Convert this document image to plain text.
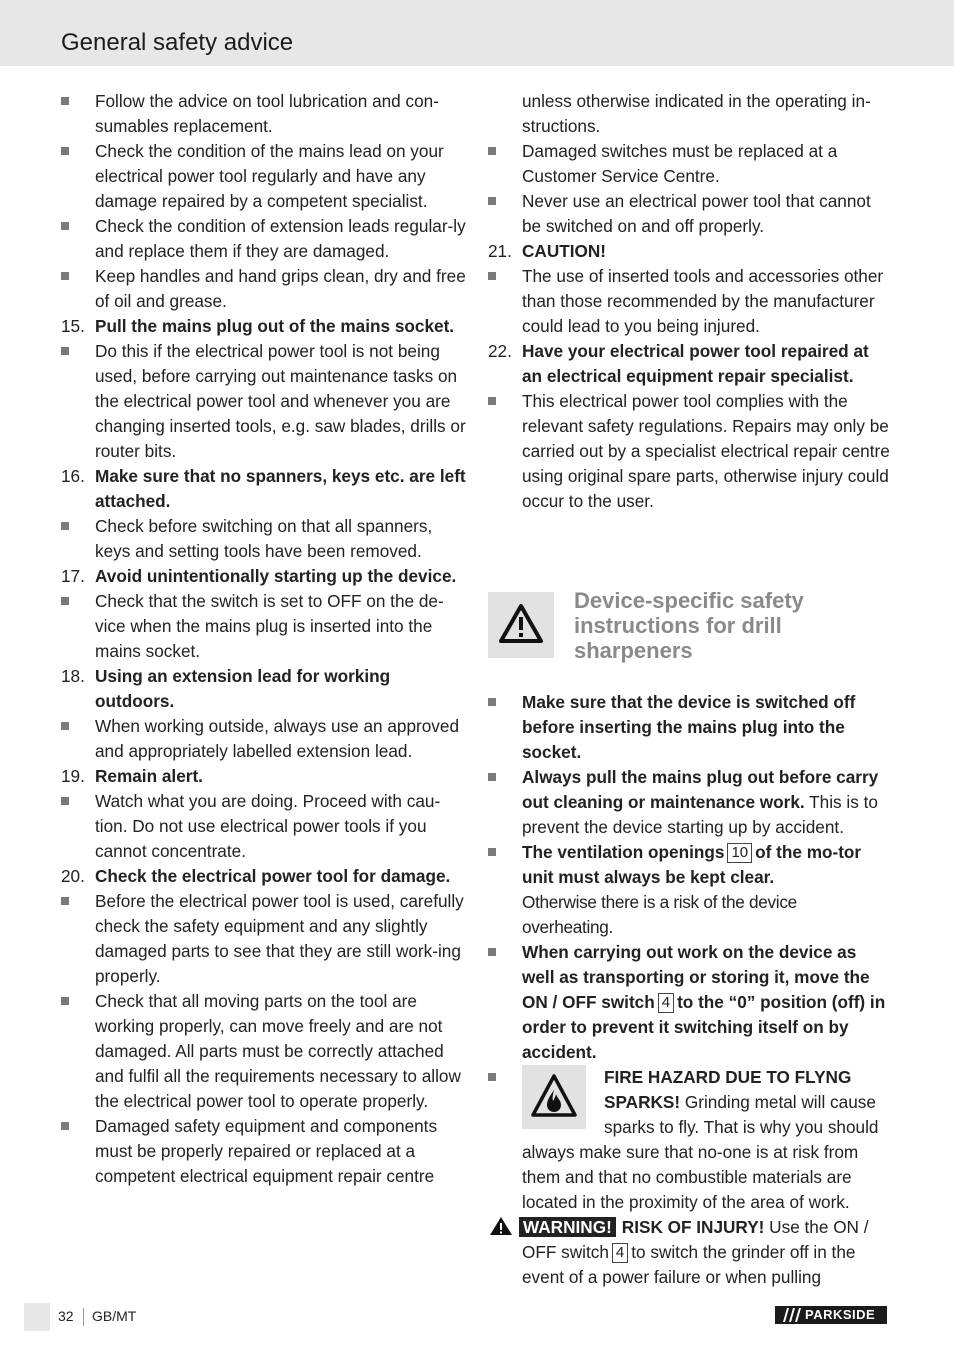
General safety advice
Follow the advice on tool lubrication and con-sumables replacement.
Check the condition of the mains lead on your electrical power tool regularly and have any damage repaired by a competent specialist.
Check the condition of extension leads regular-ly and replace them if they are damaged.
Keep handles and hand grips clean, dry and free of oil and grease.
15. Pull the mains plug out of the mains socket.
Do this if the electrical power tool is not being used, before carrying out maintenance tasks on the electrical power tool and whenever you are changing inserted tools, e.g. saw blades, drills or router bits.
16. Make sure that no spanners, keys etc. are left attached.
Check before switching on that all spanners, keys and setting tools have been removed.
17. Avoid unintentionally starting up the device.
Check that the switch is set to OFF on the de-vice when the mains plug is inserted into the mains socket.
18. Using an extension lead for working outdoors.
When working outside, always use an approved and appropriately labelled extension lead.
19. Remain alert.
Watch what you are doing. Proceed with cau-tion. Do not use electrical power tools if you cannot concentrate.
20. Check the electrical power tool for damage.
Before the electrical power tool is used, carefully check the safety equipment and any slightly damaged parts to see that they are still work-ing properly.
Check that all moving parts on the tool are working properly, can move freely and are not damaged. All parts must be correctly attached and fulfil all the requirements necessary to allow the electrical power tool to operate properly.
Damaged safety equipment and components must be properly repaired or replaced at a competent electrical equipment repair centre
unless otherwise indicated in the operating in-structions.
Damaged switches must be replaced at a Customer Service Centre.
Never use an electrical power tool that cannot be switched on and off properly.
21. CAUTION!
The use of inserted tools and accessories other than those recommended by the manufacturer could lead to you being injured.
22. Have your electrical power tool repaired at an electrical equipment repair specialist.
This electrical power tool complies with the relevant safety regulations. Repairs may only be carried out by a specialist electrical repair centre using original spare parts, otherwise injury could occur to the user.
Device-specific safety instructions for drill sharpeners
Make sure that the device is switched off before inserting the mains plug into the socket.
Always pull the mains plug out before carry out cleaning or maintenance work. This is to prevent the device starting up by accident.
The ventilation openings 10 of the mo-tor unit must always be kept clear.
Otherwise there is a risk of the device overheating.
When carrying out work on the device as well as transporting or storing it, move the ON / OFF switch 4 to the “0” position (off) in order to prevent it switching itself on by accident.
FIRE HAZARD DUE TO FLYNG SPARKS! Grinding metal will cause sparks to fly. That is why you should always make sure that no-one is at risk from them and that no combustible materials are located in the proximity of the area of work.
WARNING! RISK OF INJURY! Use the ON / OFF switch 4 to switch the grinder off in the event of a power failure or when pulling
32 GB/MT	PARKSIDE
